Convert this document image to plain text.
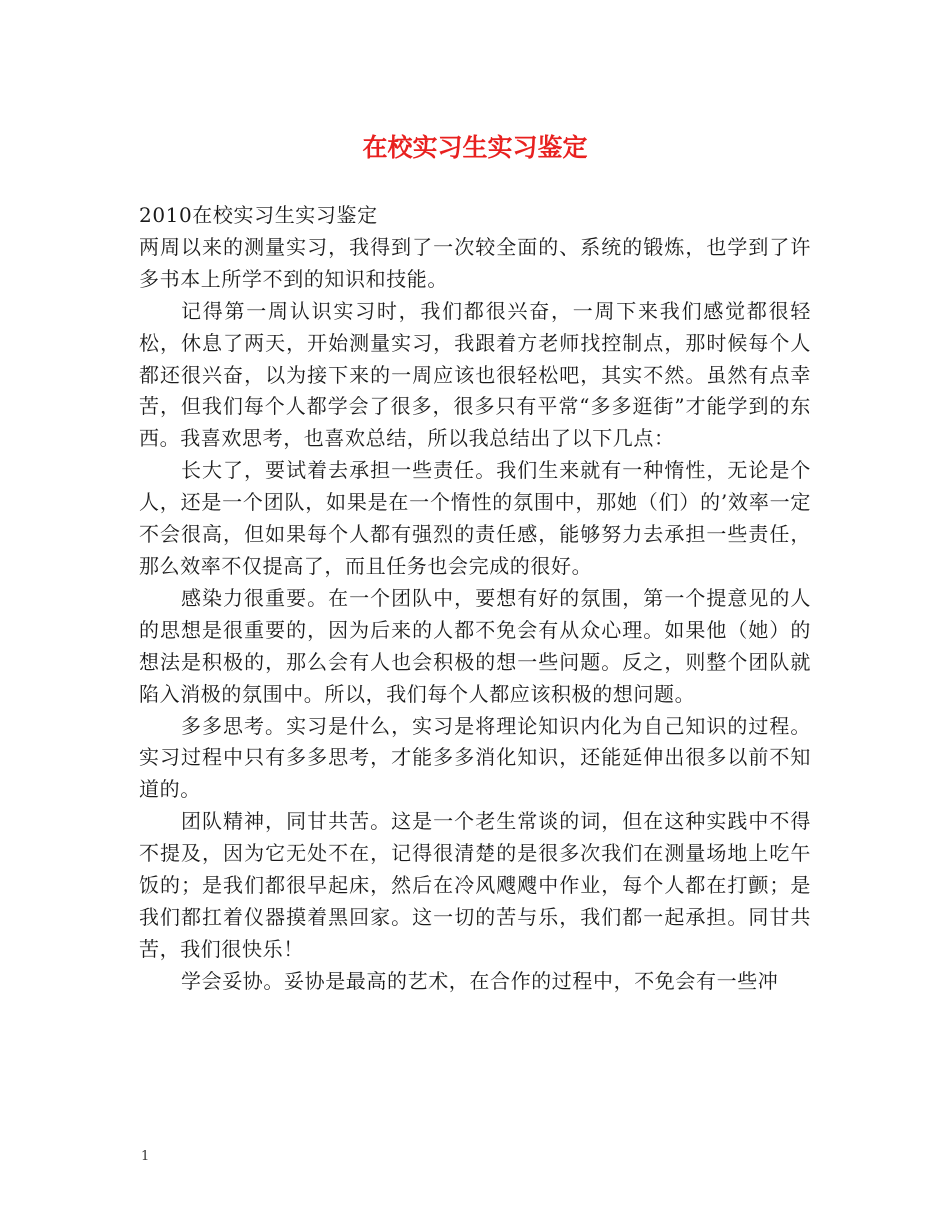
在校实习生实习鉴定

2010在校实习生实习鉴定

两周以来的测量实习，我得到了一次较全面的、系统的锻炼，也学到了许多书本上所学不到的知识和技能。

记得第一周认识实习时，我们都很兴奋，一周下来我们感觉都很轻松，休息了两天，开始测量实习，我跟着方老师找控制点，那时候每个人都还很兴奋，以为接下来的一周应该也很轻松吧，其实不然。虽然有点幸苦，但我们每个人都学会了很多，很多只有平常“多多逛街”才能学到的东西。我喜欢思考，也喜欢总结，所以我总结出了以下几点：

长大了，要试着去承担一些责任。我们生来就有一种惰性，无论是个人，还是一个团队，如果是在一个惰性的氛围中，那她（们）的’效率一定不会很高，但如果每个人都有强烈的责任感，能够努力去承担一些责任，那么效率不仅提高了，而且任务也会完成的很好。

感染力很重要。在一个团队中，要想有好的氛围，第一个提意见的人的思想是很重要的，因为后来的人都不免会有从众心理。如果他（她）的想法是积极的，那么会有人也会积极的想一些问题。反之，则整个团队就陷入消极的氛围中。所以，我们每个人都应该积极的想问题。

多多思考。实习是什么，实习是将理论知识内化为自己知识的过程。实习过程中只有多多思考，才能多多消化知识，还能延伸出很多以前不知道的。

团队精神，同甘共苦。这是一个老生常谈的词，但在这种实践中不得不提及，因为它无处不在，记得很清楚的是很多次我们在测量场地上吃午饭的；是我们都很早起床，然后在冷风飕飕中作业，每个人都在打颤；是我们都扛着仪器摸着黑回家。这一切的苦与乐，我们都一起承担。同甘共苦，我们很快乐！

学会妥协。妥协是最高的艺术，在合作的过程中，不免会有一些冲

1
